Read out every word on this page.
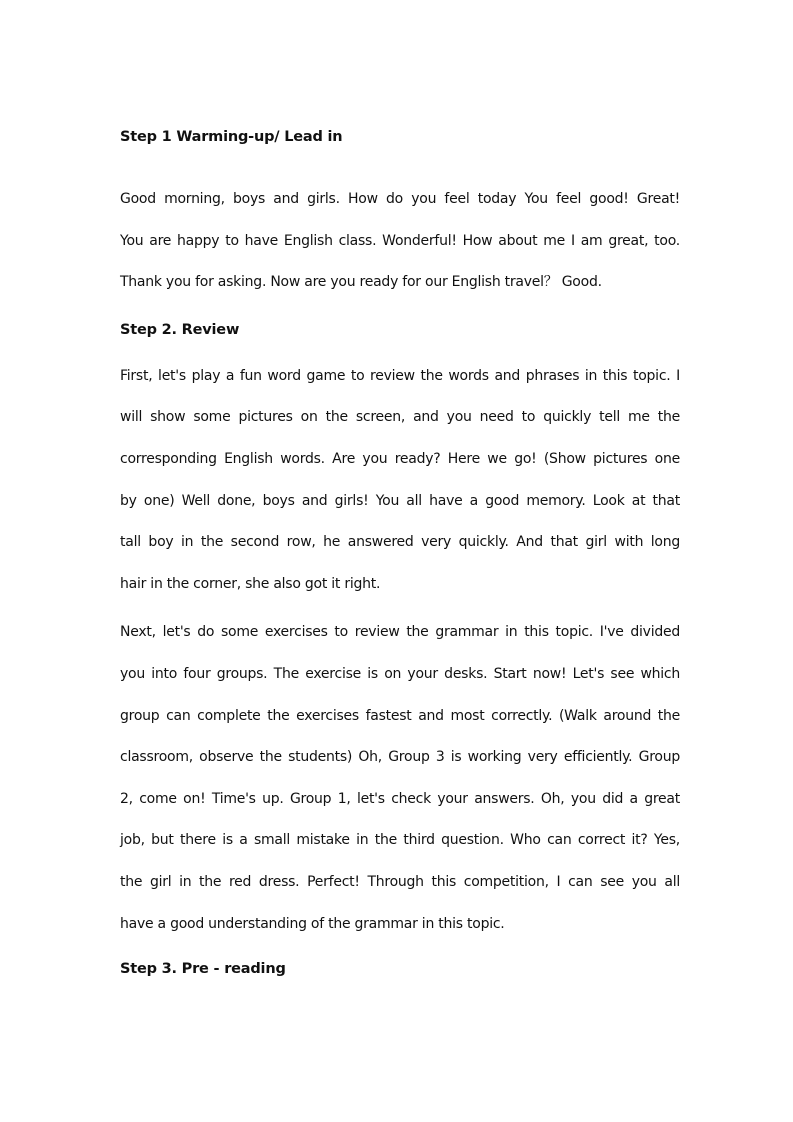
Step 1 Warming-up/ Lead in

Good morning, boys and girls. How do you feel today You feel good! Great!
You are happy to have English class. Wonderful! How about me I am great, too.
Thank you for asking. Now are you ready for our English travel？ Good.

Step 2. Review

First, let's play a fun word game to review the words and phrases in this topic. I
will show some pictures on the screen, and you need to quickly tell me the
corresponding English words. Are you ready? Here we go! (Show pictures one
by one) Well done, boys and girls! You all have a good memory. Look at that
tall boy in the second row, he answered very quickly. And that girl with long
hair in the corner, she also got it right.

Next, let's do some exercises to review the grammar in this topic. I've divided
you into four groups. The exercise is on your desks. Start now! Let's see which
group can complete the exercises fastest and most correctly. (Walk around the
classroom, observe the students) Oh, Group 3 is working very efficiently. Group
2, come on! Time's up. Group 1, let's check your answers. Oh, you did a great
job, but there is a small mistake in the third question. Who can correct it? Yes,
the girl in the red dress. Perfect! Through this competition, I can see you all
have a good understanding of the grammar in this topic.

Step 3. Pre - reading
